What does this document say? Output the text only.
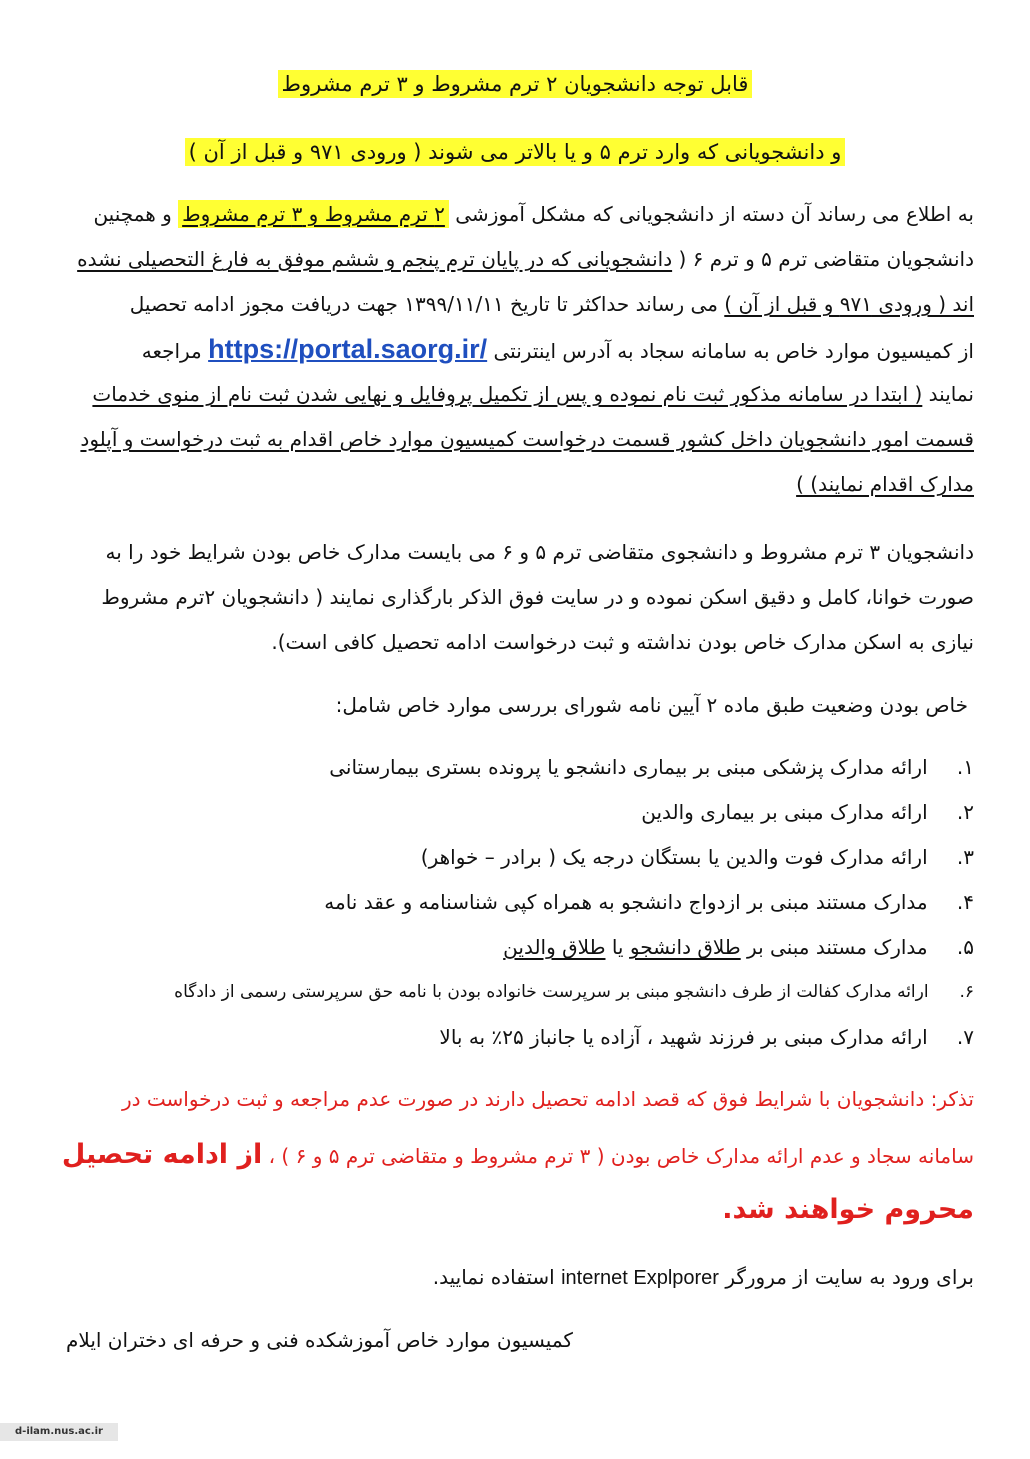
قابل توجه دانشجویان ۲ ترم مشروط و ۳ ترم مشروط
و دانشجویانی که وارد ترم ۵ و یا بالاتر می شوند ( ورودی ۹۷۱ و قبل از آن )
به اطلاع می رساند آن دسته از دانشجویانی که مشکل آموزشی ۲ ترم مشروط و ۳ ترم مشروط و همچنین
دانشجویان متقاضی ترم ۵ و ترم ۶ ( دانشجویانی که در پایان ترم پنجم و ششم موفق به فارغ التحصیلی نشده
اند ( ورودی ۹۷۱ و قبل از آن ) می رساند حداکثر تا تاریخ ۱۳۹۹/۱۱/۱۱ جهت دریافت مجوز ادامه تحصیل
از کمیسیون موارد خاص به سامانه سجاد به آدرس اینترنتی https://portal.saorg.ir/ مراجعه
نمایند ( ابتدا در سامانه مذکور ثبت نام نموده و پس از تکمیل پروفایل و نهایی شدن ثبت نام از منوی خدمات
قسمت امور دانشجویان داخل کشور قسمت درخواست کمیسیون موارد خاص اقدام به ثبت درخواست و آپلود
مدارک اقدام نمایند) )
دانشجویان ۳ ترم مشروط و دانشجوی متقاضی ترم ۵ و ۶ می بایست مدارک خاص بودن شرایط خود را به
صورت خوانا، کامل و دقیق اسکن نموده و در سایت فوق الذکر بارگذاری نمایند ( دانشجویان ۲ترم مشروط
نیازی به اسکن مدارک خاص بودن نداشته و ثبت درخواست ادامه تحصیل کافی است).
خاص بودن وضعیت طبق ماده ۲ آیین نامه شورای بررسی موارد خاص شامل:
۱. ارائه مدارک پزشکی مبنی بر بیماری دانشجو یا پرونده بستری بیمارستانی
۲. ارائه مدارک مبنی بر بیماری والدین
۳. ارائه مدارک فوت والدین یا بستگان درجه یک ( برادر – خواهر)
۴. مدارک مستند مبنی بر ازدواج دانشجو به همراه کپی شناسنامه و عقد نامه
۵. مدارک مستند مبنی بر طلاق دانشجو یا طلاق والدین
۶. ارائه مدارک کفالت از طرف دانشجو مبنی بر سرپرست خانواده بودن با نامه حق سرپرستی رسمی از دادگاه
۷. ارائه مدارک مبنی بر فرزند شهید ، آزاده یا جانباز ۲۵٪ به بالا
تذکر: دانشجویان با شرایط فوق که قصد ادامه تحصیل دارند در صورت عدم مراجعه و ثبت درخواست در
سامانه سجاد و عدم ارائه مدارک خاص بودن ( ۳ ترم مشروط و متقاضی ترم ۵ و ۶ ) ، از ادامه تحصیل
محروم خواهند شد.
برای ورود به سایت از مرورگر internet Explporer استفاده نمایید.
کمیسیون موارد خاص آموزشکده فنی و حرفه ای دختران ایلام
d-ilam.nus.ac.ir
